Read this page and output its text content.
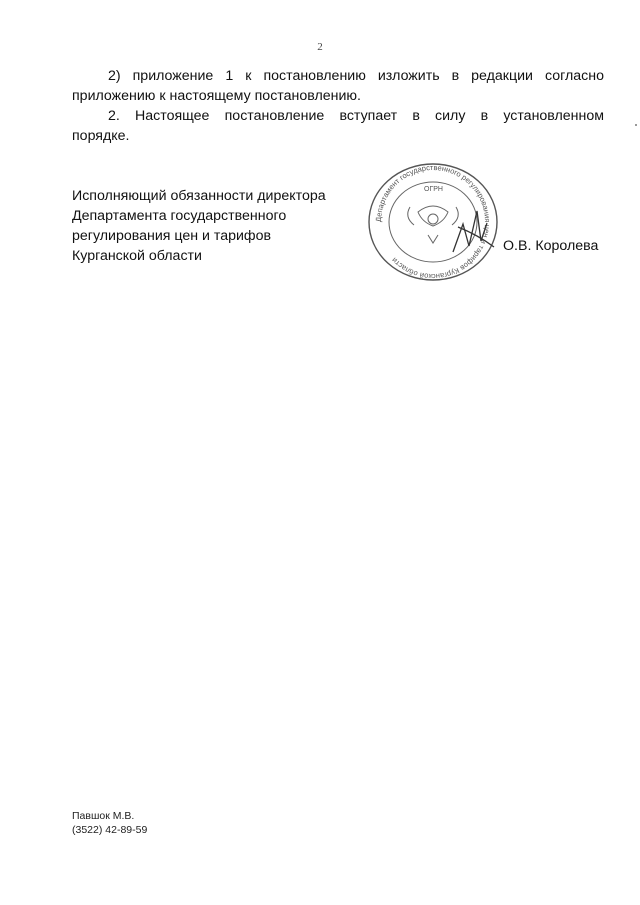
2
2) приложение 1 к постановлению изложить в редакции согласно
приложению к настоящему постановлению.
2. Настоящее постановление вступает в силу в установленном
порядке.
Исполняющий обязанности директора
Департамента государственного
регулирования цен и тарифов
Курганской области
Департамент государственного регулирования цен и тарифов Курганской области
ОГРН
О.В. Королева
Павшок М.В.
(3522) 42-89-59
